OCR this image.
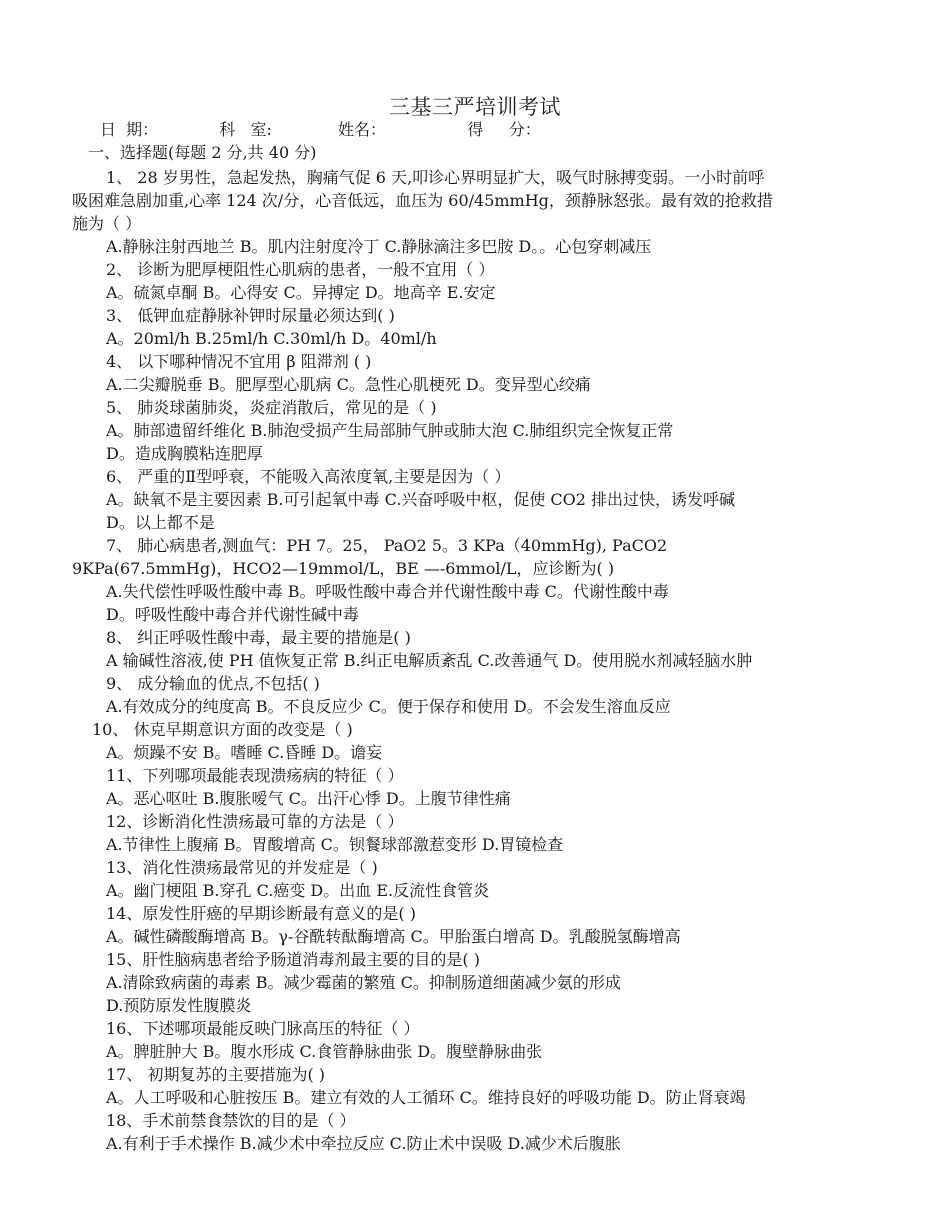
三基三严培训考试
日  期：            科   室:             姓名：                得     分：
一、选择题(每题 2 分,共 40 分)
1、 28 岁男性，急起发热，胸痛气促 6 天,叩诊心界明显扩大，吸气时脉搏变弱。一小时前呼
吸困难急剧加重,心率 124 次/分，心音低远，血压为 60/45mmHg，颈静脉怒张。最有效的抢救措
施为（ ）
A.静脉注射西地兰 B。肌内注射度冷丁 C.静脉滴注多巴胺 D。。心包穿刺减压
2、 诊断为肥厚梗阻性心肌病的患者，一般不宜用（ ）
A。硫氮卓酮 B。心得安 C。异搏定 D。地高辛 E.安定
3、 低钾血症静脉补钾时尿量必须达到( )
A。20ml/h B.25ml/h C.30ml/h D。40ml/h
4、 以下哪种情况不宜用 β 阻滞剂 ( )
A.二尖瓣脱垂 B。肥厚型心肌病 C。急性心肌梗死 D。变异型心绞痛
5、 肺炎球菌肺炎，炎症消散后，常见的是（ )
A。肺部遗留纤维化 B.肺泡受损产生局部肺气肿或肺大泡 C.肺组织完全恢复正常
D。造成胸膜粘连肥厚
6、 严重的Ⅱ型呼衰，不能吸入高浓度氧,主要是因为（ ）
A。缺氧不是主要因素 B.可引起氧中毒 C.兴奋呼吸中枢，促使 CO2 排出过快，诱发呼碱
D。以上都不是
7、 肺心病患者,测血气：PH 7。25， PaO2 5。3 KPa（40mmHg), PaCO2
9KPa(67.5mmHg)，HCO2—19mmol/L，BE —-6mmol/L，应诊断为( )
A.失代偿性呼吸性酸中毒 B。呼吸性酸中毒合并代谢性酸中毒 C。代谢性酸中毒
D。呼吸性酸中毒合并代谢性碱中毒
8、 纠正呼吸性酸中毒，最主要的措施是( )
A 输碱性溶液,使 PH 值恢复正常 B.纠正电解质紊乱 C.改善通气 D。使用脱水剂减轻脑水肿
9、 成分输血的优点,不包括( )
A.有效成分的纯度高 B。不良反应少 C。便于保存和使用 D。不会发生溶血反应
10、 休克早期意识方面的改变是（ )
A。烦躁不安 B。嗜睡 C.昏睡 D。谵妄
11、下列哪项最能表现溃疡病的特征（ ）
A。恶心呕吐 B.腹胀嗳气 C。出汗心悸 D。上腹节律性痛
12、诊断消化性溃疡最可靠的方法是（ ）
A.节律性上腹痛 B。胃酸增高 C。钡餐球部激惹变形 D.胃镜检查
13、消化性溃疡最常见的并发症是（ )
A。幽门梗阻 B.穿孔 C.癌变 D。出血 E.反流性食管炎
14、原发性肝癌的早期诊断最有意义的是( )
A。碱性磷酸酶增高 B。γ-谷酰转酞酶增高 C。甲胎蛋白增高 D。乳酸脱氢酶增高
15、肝性脑病患者给予肠道消毒剂最主要的目的是( )
A.清除致病菌的毒素 B。减少霉菌的繁殖 C。抑制肠道细菌减少氨的形成
D.预防原发性腹膜炎
16、下述哪项最能反映门脉高压的特征（ ）
A。脾脏肿大 B。腹水形成 C.食管静脉曲张 D。腹壁静脉曲张
17、 初期复苏的主要措施为( )
A。人工呼吸和心脏按压 B。建立有效的人工循环 C。维持良好的呼吸功能 D。防止肾衰竭
18、手术前禁食禁饮的目的是（ ）
A.有利于手术操作 B.减少术中牵拉反应 C.防止术中误吸 D.减少术后腹胀
